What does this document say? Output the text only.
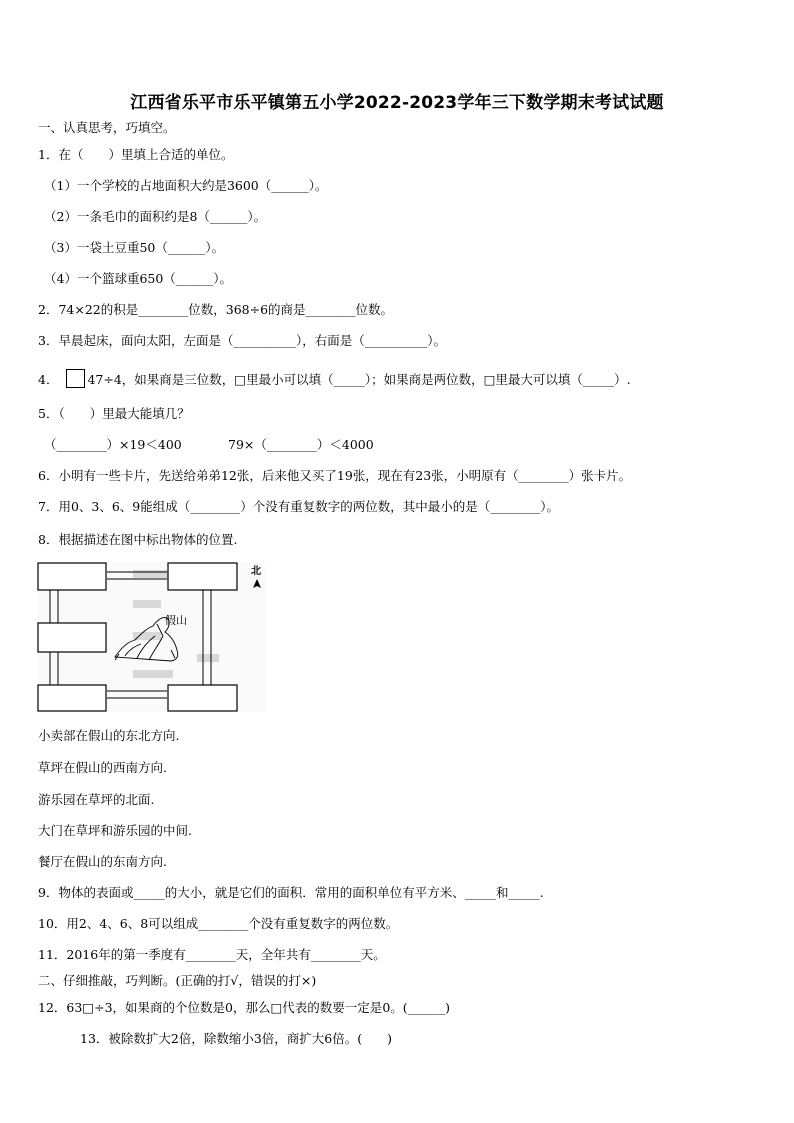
江西省乐平市乐平镇第五小学2022-2023学年三下数学期末考试试题
一、认真思考，巧填空。
1．在（　　）里填上合适的单位。
（1）一个学校的占地面积大约是3600（______）。
（2）一条毛巾的面积约是8（______）。
（3）一袋土豆重50（______）。
（4）一个篮球重650（______）。
2．74×22的积是________位数，368÷6的商是________位数。
3．早晨起床，面向太阳，左面是（__________），右面是（__________）。
4． 47÷4，如果商是三位数，□里最小可以填（_____）；如果商是两位数，□里最大可以填（_____）.
5．（　　）里最大能填几？
（________）×19＜400	79×（________）＜4000
6．小明有一些卡片，先送给弟弟12张，后来他又买了19张，现在有23张，小明原有（________）张卡片。
7．用0、3、6、9能组成（________）个没有重复数字的两位数，其中最小的是（________）。
8．根据描述在图中标出物体的位置.
假山
北
小卖部在假山的东北方向.
草坪在假山的西南方向.
游乐园在草坪的北面.
大门在草坪和游乐园的中间.
餐厅在假山的东南方向.
9．物体的表面或_____的大小，就是它们的面积．常用的面积单位有平方米、_____和_____.
10．用2、4、6、8可以组成________个没有重复数字的两位数。
11．2016年的第一季度有________天，全年共有________天。
二、仔细推敲，巧判断。(正确的打√，错误的打×)
12．63□÷3，如果商的个位数是0，那么□代表的数要一定是0。(______)
13．被除数扩大2倍，除数缩小3倍，商扩大6倍。(　　)
